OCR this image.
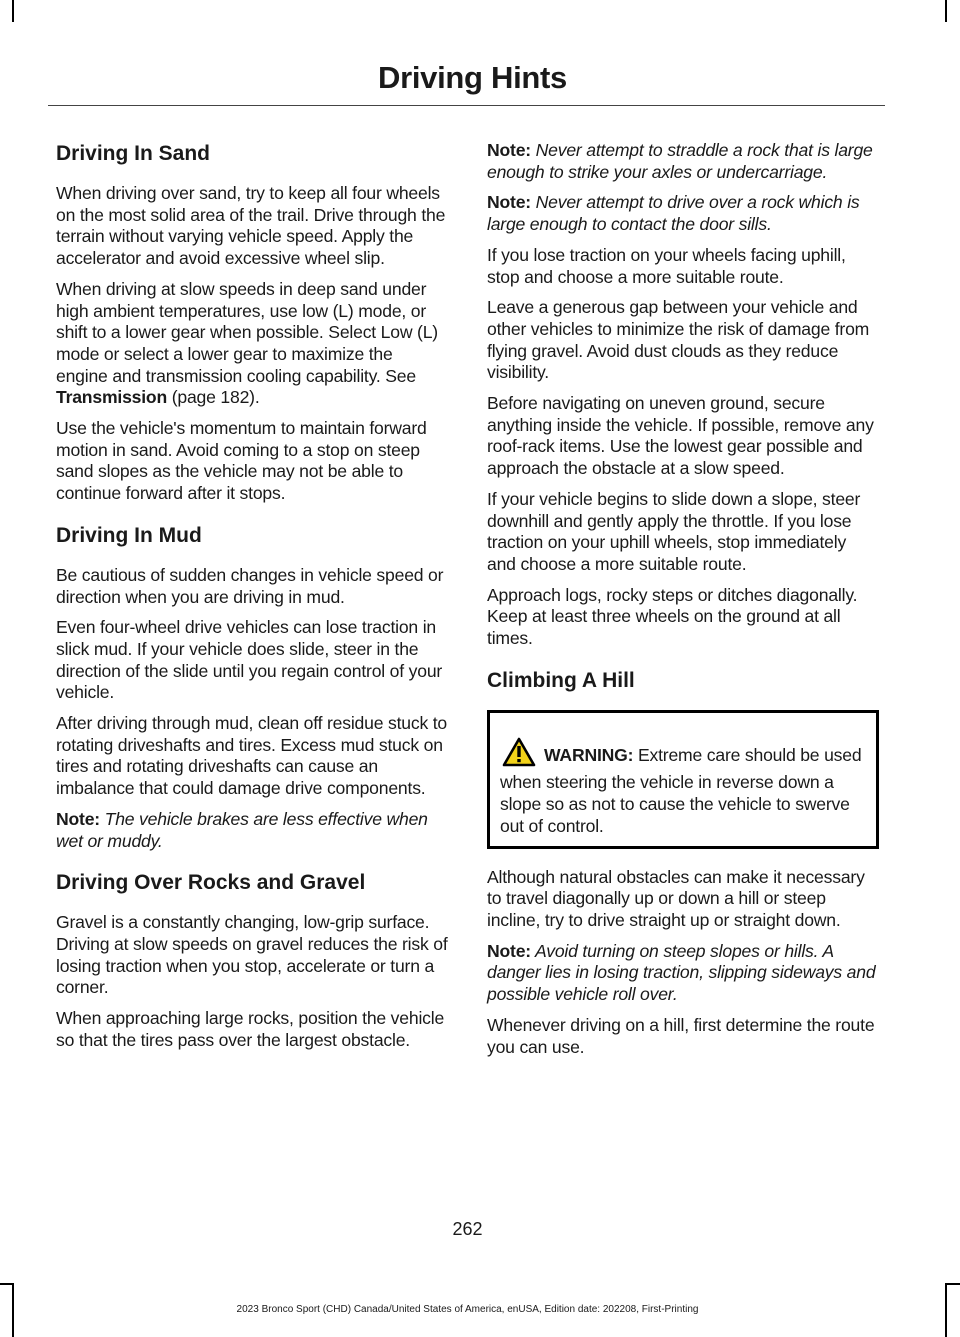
Driving Hints
Driving In Sand

When driving over sand, try to keep all four wheels on the most solid area of the trail. Drive through the terrain without varying vehicle speed. Apply the accelerator and avoid excessive wheel slip.

When driving at slow speeds in deep sand under high ambient temperatures, use low (L) mode, or shift to a lower gear when possible. Select Low (L) mode or select a lower gear to maximize the engine and transmission cooling capability. See
Transmission (page 182).

Use the vehicle's momentum to maintain forward motion in sand. Avoid coming to a stop on steep sand slopes as the vehicle may not be able to continue forward after it stops.

Driving In Mud

Be cautious of sudden changes in vehicle speed or direction when you are driving in mud.

Even four-wheel drive vehicles can lose traction in slick mud. If your vehicle does slide, steer in the direction of the slide until you regain control of your vehicle.

After driving through mud, clean off residue stuck to rotating driveshafts and tires. Excess mud stuck on tires and rotating driveshafts can cause an imbalance that could damage drive components.

Note: The vehicle brakes are less effective when wet or muddy.

Driving Over Rocks and Gravel

Gravel is a constantly changing, low-grip surface. Driving at slow speeds on gravel reduces the risk of losing traction when you stop, accelerate or turn a corner.

When approaching large rocks, position the vehicle so that the tires pass over the largest obstacle.

Note: Never attempt to straddle a rock that is large enough to strike your axles or undercarriage.

Note: Never attempt to drive over a rock which is large enough to contact the door sills.

If you lose traction on your wheels facing uphill, stop and choose a more suitable route.

Leave a generous gap between your vehicle and other vehicles to minimize the risk of damage from flying gravel. Avoid dust clouds as they reduce visibility.

Before navigating on uneven ground, secure anything inside the vehicle. If possible, remove any roof-rack items. Use the lowest gear possible and approach the obstacle at a slow speed.

If your vehicle begins to slide down a slope, steer downhill and gently apply the throttle. If you lose traction on your uphill wheels, stop immediately and choose a more suitable route.

Approach logs, rocky steps or ditches diagonally. Keep at least three wheels on the ground at all times.

Climbing A Hill

WARNING: Extreme care should be used when steering the vehicle in reverse down a slope so as not to cause the vehicle to swerve out of control.

Although natural obstacles can make it necessary to travel diagonally up or down a hill or steep incline, try to drive straight up or straight down.

Note: Avoid turning on steep slopes or hills. A danger lies in losing traction, slipping sideways and possible vehicle roll over.

Whenever driving on a hill, first determine the route you can use.

262
2023 Bronco Sport (CHD) Canada/United States of America, enUSA, Edition date: 202208, First-Printing
